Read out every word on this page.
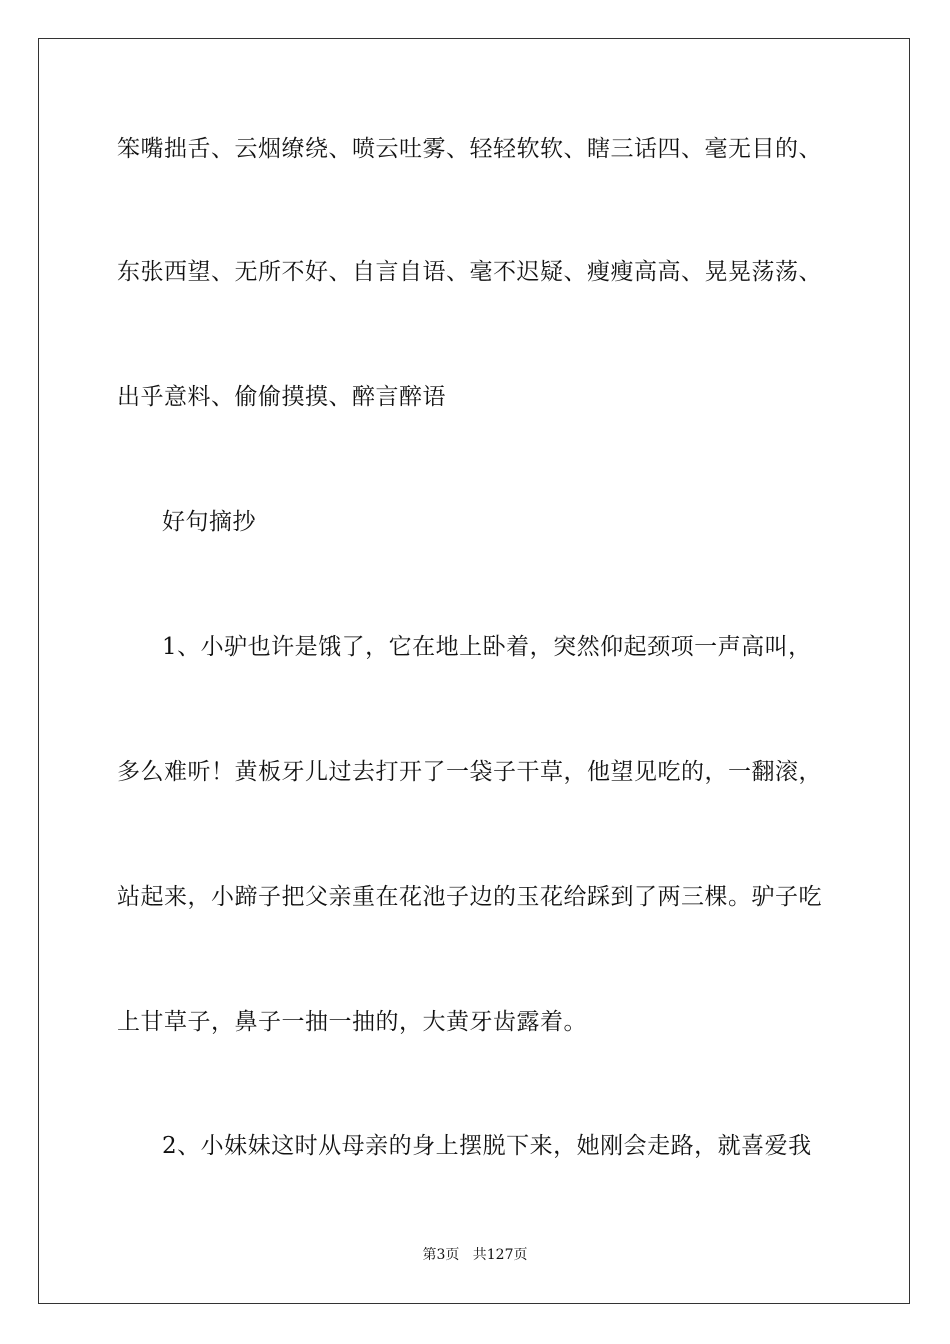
笨嘴拙舌、云烟缭绕、喷云吐雾、轻轻软软、瞎三话四、毫无目的、
东张西望、无所不好、自言自语、毫不迟疑、瘦瘦高高、晃晃荡荡、
出乎意料、偷偷摸摸、醉言醉语
好句摘抄
1、小驴也许是饿了，它在地上卧着，突然仰起颈项一声高叫，
多么难听！黄板牙儿过去打开了一袋子干草，他望见吃的，一翻滚，
站起来，小蹄子把父亲重在花池子边的玉花给踩到了两三棵。驴子吃
上甘草子，鼻子一抽一抽的，大黄牙齿露着。
2、小妹妹这时从母亲的身上摆脱下来，她刚会走路，就喜爱我
第3页   共127页
